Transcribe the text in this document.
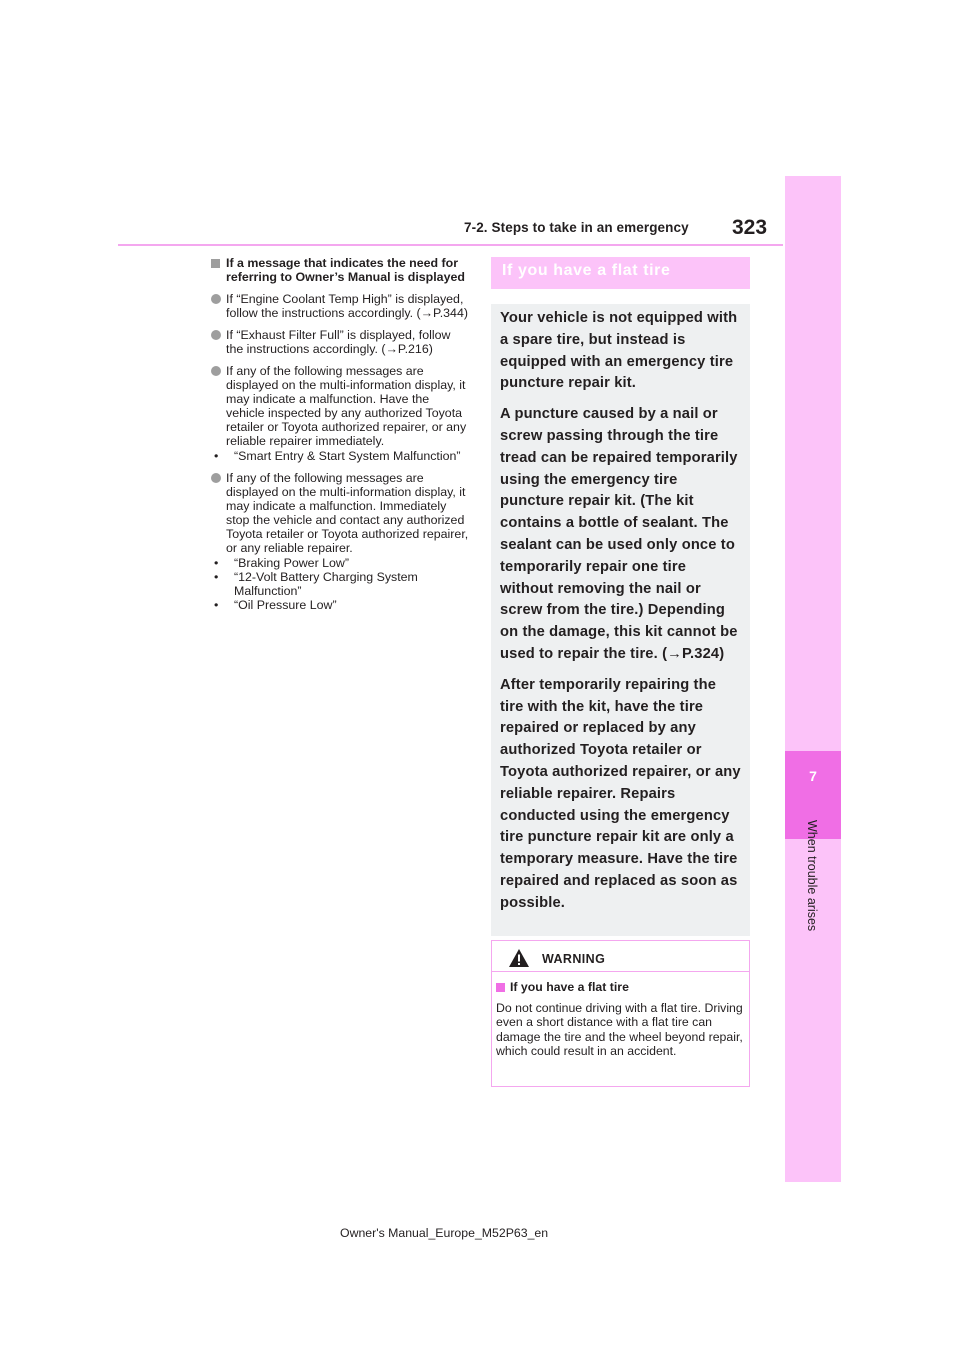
7-2. Steps to take in an emergency 323
7
When trouble arises
If a message that indicates the need for referring to Owner’s Manual is displayed
If “Engine Coolant Temp High” is displayed, follow the instructions accordingly. (→P.344)
If “Exhaust Filter Full” is displayed, follow the instructions accordingly. (→P.216)
If any of the following messages are displayed on the multi-information display, it may indicate a malfunction. Have the vehicle inspected by any authorized Toyota retailer or Toyota authorized repairer, or any reliable repairer immediately.
• “Smart Entry & Start System Malfunction”
If any of the following messages are displayed on the multi-information display, it may indicate a malfunction. Immediately stop the vehicle and contact any authorized Toyota retailer or Toyota authorized repairer, or any reliable repairer.
• “Braking Power Low”
• “12-Volt Battery Charging System Malfunction”
• “Oil Pressure Low”
If you have a flat tire

Your vehicle is not equipped with a spare tire, but instead is equipped with an emergency tire puncture repair kit.

A puncture caused by a nail or screw passing through the tire tread can be repaired temporarily using the emergency tire puncture repair kit. (The kit contains a bottle of sealant. The sealant can be used only once to temporarily repair one tire without removing the nail or screw from the tire.) Depending on the damage, this kit cannot be used to repair the tire. (→P.324)

After temporarily repairing the tire with the kit, have the tire repaired or replaced by any authorized Toyota retailer or Toyota authorized repairer, or any reliable repairer. Repairs conducted using the emergency tire puncture repair kit are only a temporary measure. Have the tire repaired and replaced as soon as possible.

WARNING
If you have a flat tire
Do not continue driving with a flat tire. Driving even a short distance with a flat tire can damage the tire and the wheel beyond repair, which could result in an accident.
Owner's Manual_Europe_M52P63_en
